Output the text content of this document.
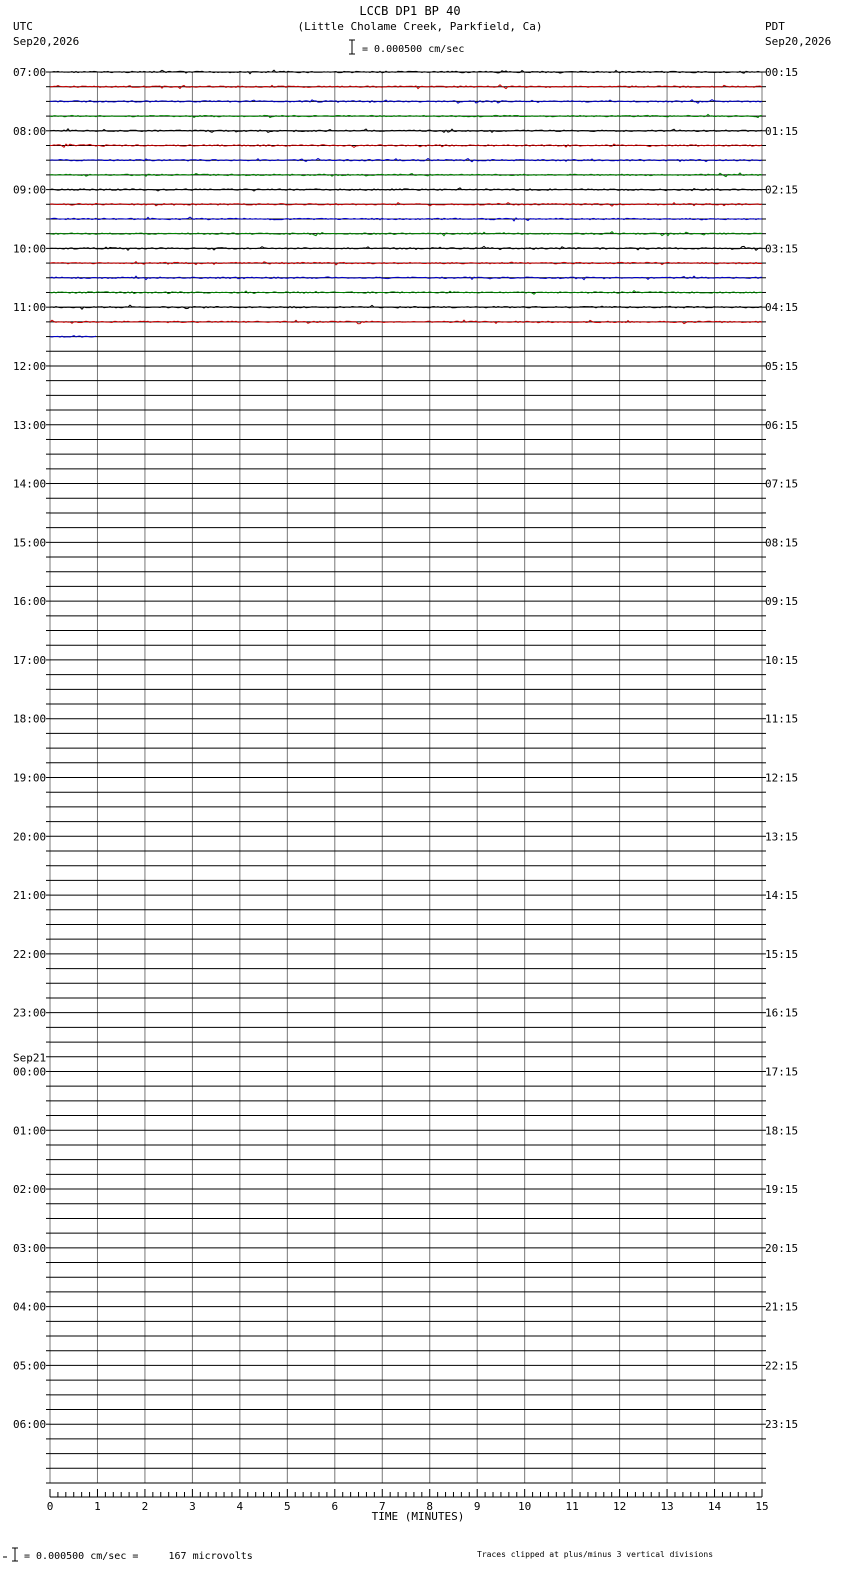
LCCB DP1 BP 40
(Little Cholame Creek, Parkfield, Ca)
UTC
Sep20,2026
PDT
Sep20,2026
= 0.000500 cm/sec
07:00
08:00
09:00
10:00
11:00
12:00
13:00
14:00
15:00
16:00
17:00
18:00
19:00
20:00
21:00
22:00
23:00
00:00
01:00
02:00
03:00
04:00
05:00
06:00
Sep21
00:15
01:15
02:15
03:15
04:15
05:15
06:15
07:15
08:15
09:15
10:15
11:15
12:15
13:15
14:15
15:15
16:15
17:15
18:15
19:15
20:15
21:15
22:15
23:15
0	1	2	3	4	5	6	7	8	9	10	11	12	13	14	15
TIME (MINUTES)
= 0.000500 cm/sec =     167 microvolts	Traces clipped at plus/minus 3 vertical divisions
